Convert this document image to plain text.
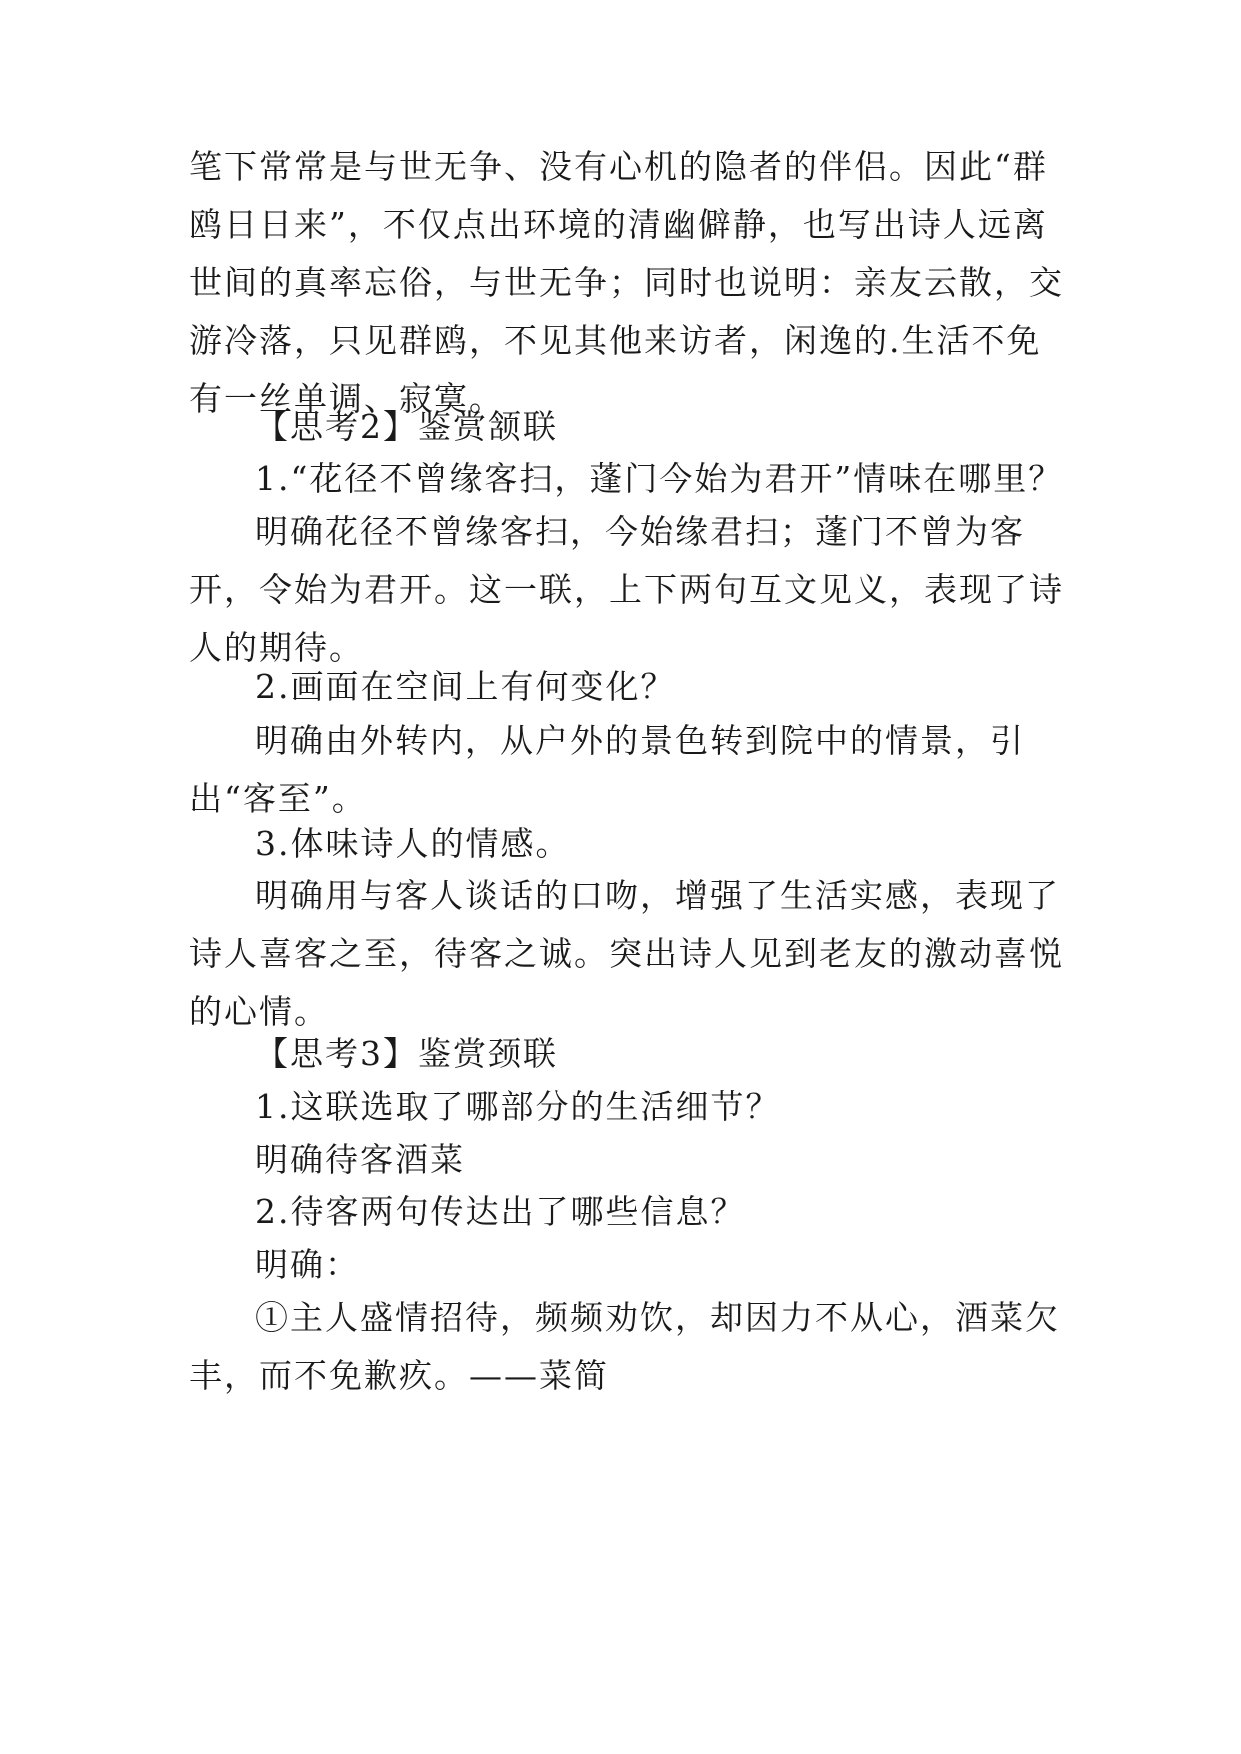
笔下常常是与世无争、没有心机的隐者的伴侣。因此“群鸥日日来”，不仅点出环境的清幽僻静，也写出诗人远离世间的真率忘俗，与世无争；同时也说明：亲友云散，交游冷落，只见群鸥，不见其他来访者，闲逸的.生活不免有一丝单调、寂寞。

【思考2】鉴赏颔联

1.“花径不曾缘客扫，蓬门今始为君开”情味在哪里？

明确花径不曾缘客扫，今始缘君扫；蓬门不曾为客开，令始为君开。这一联，上下两句互文见义，表现了诗人的期待。

2.画面在空间上有何变化？

明确由外转内，从户外的景色转到院中的情景，引出“客至”。

3.体味诗人的情感。

明确用与客人谈话的口吻，增强了生活实感，表现了诗人喜客之至，待客之诚。突出诗人见到老友的激动喜悦的心情。

【思考3】鉴赏颈联

1.这联选取了哪部分的生活细节？

明确待客酒菜

2.待客两句传达出了哪些信息？

明确：

①主人盛情招待，频频劝饮，却因力不从心，酒菜欠丰，而不免歉疚。——菜简
